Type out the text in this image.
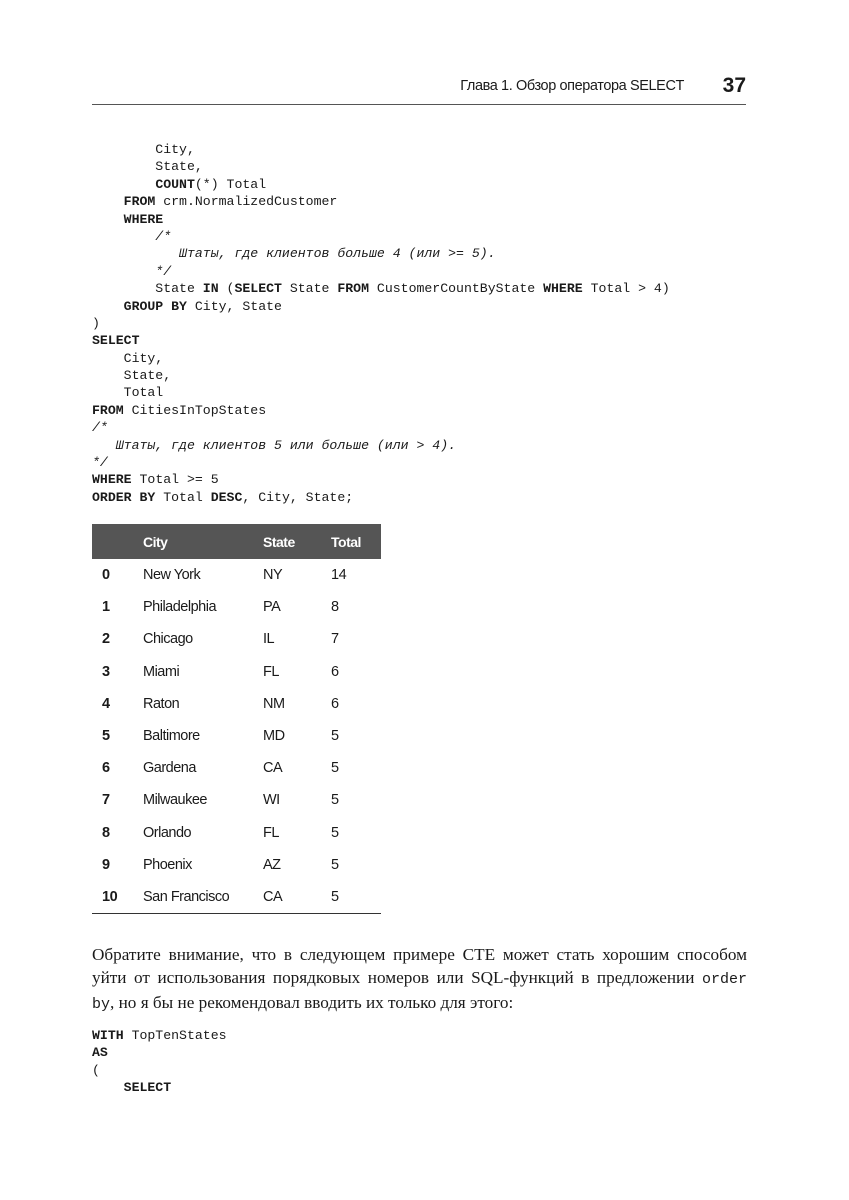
Глава 1. Обзор оператора SELECT 37
City,
State,
COUNT(*) Total
FROM crm.NormalizedCustomer
WHERE
/*
Штаты, где клиентов больше 4 (или >= 5).
*/
State IN (SELECT State FROM CustomerCountByState WHERE Total > 4)
GROUP BY City, State
)
SELECT
City,
State,
Total
FROM CitiesInTopStates
/*
Штаты, где клиентов 5 или больше (или > 4).
*/
WHERE Total >= 5
ORDER BY Total DESC, City, State;
	City	State	Total
0	New York	NY	14
1	Philadelphia	PA	8
2	Chicago	IL	7
3	Miami	FL	6
4	Raton	NM	6
5	Baltimore	MD	5
6	Gardena	CA	5
7	Milwaukee	WI	5
8	Orlando	FL	5
9	Phoenix	AZ	5
10	San Francisco	CA	5

Обратите внимание, что в следующем примере CTE может стать хорошим способом уйти от использования порядковых номеров или SQL-функций в предложении order by, но я бы не рекомендовал вводить их только для этого:

WITH TopTenStates
AS
(
SELECT
